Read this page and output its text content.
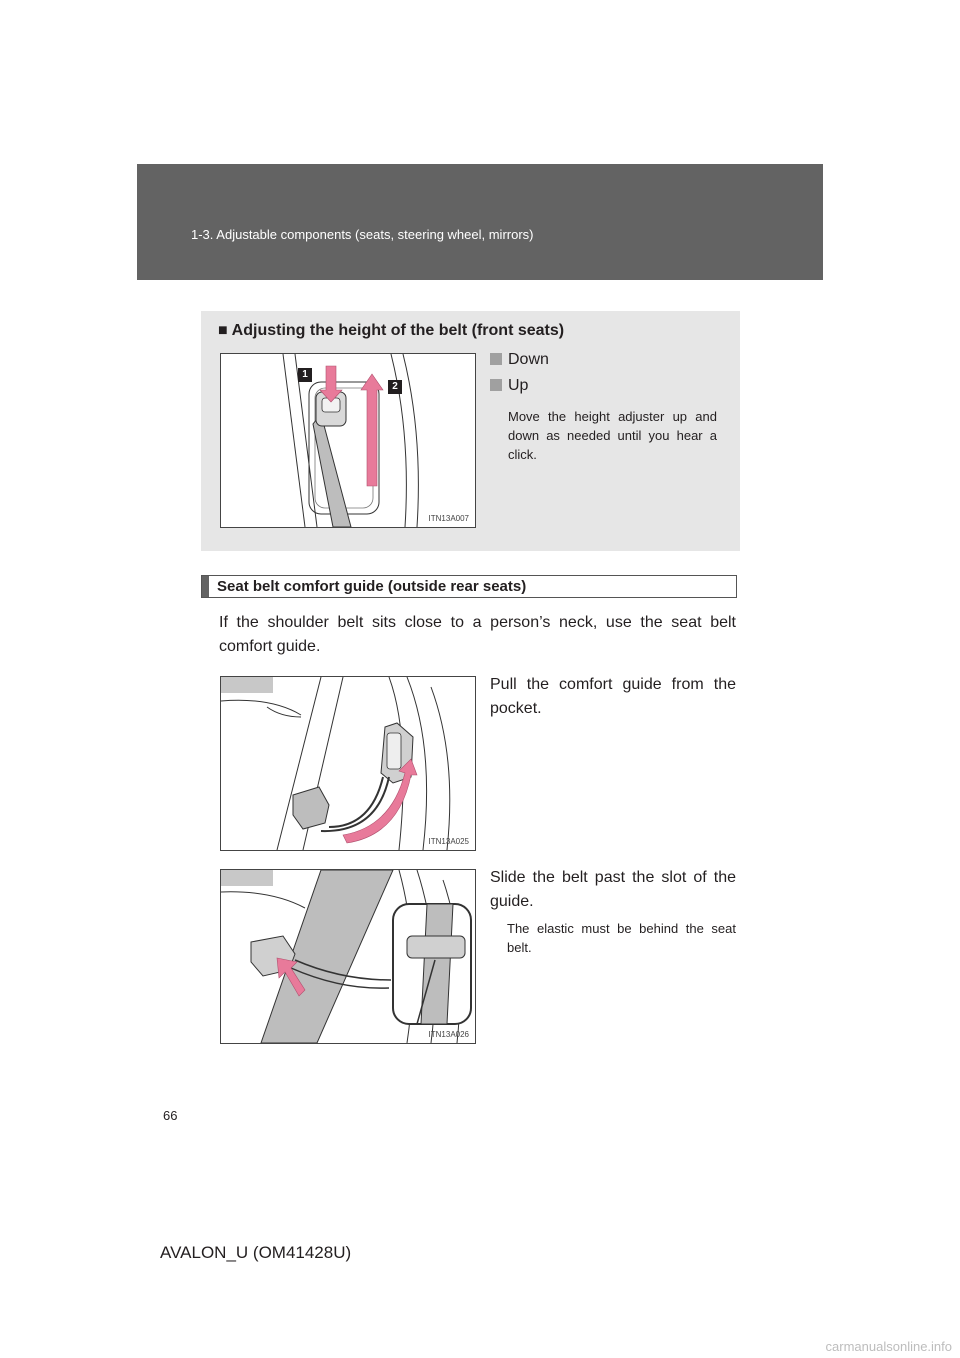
1-3. Adjustable components (seats, steering wheel, mirrors)
■ Adjusting the height of the belt (front seats)
1
2
ITN13A007
Down
Up
Move the height adjuster up and down as needed until you hear a click.
Seat belt comfort guide (outside rear seats)
If the shoulder belt sits close to a person’s neck, use the seat belt comfort guide.
ITN13A025
Pull the comfort guide from the pocket.
ITN13A026
Slide the belt past the slot of the guide.
The elastic must be behind the seat belt.
66
AVALON_U (OM41428U)
carmanualsonline.info
